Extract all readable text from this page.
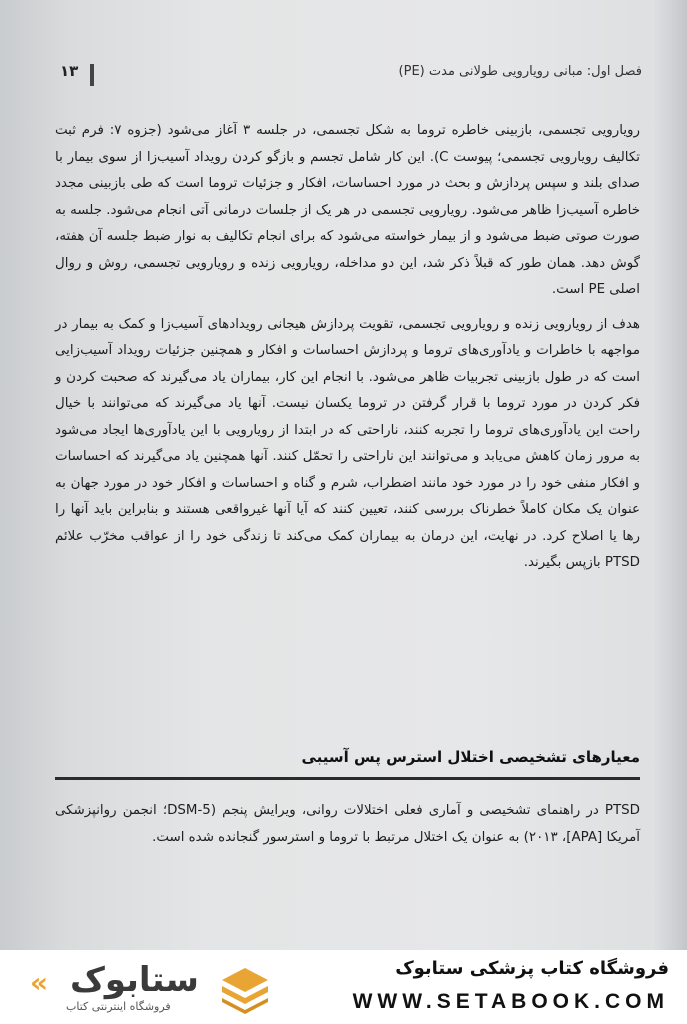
۱۳	فصل اول: مبانی رویارویی طولانی مدت (PE)

رویارویی تجسمی، بازبینی خاطره تروما به شکل تجسمی، در جلسه ۳ آغاز می‌شود (جزوه ۷: فرم ثبت تکالیف رویارویی تجسمی؛ پیوست C). این کار شامل تجسم و بازگو کردن رویداد آسیب‌زا از سوی بیمار با صدای بلند و سپس پردازش و بحث در مورد احساسات، افکار و جزئیات تروما است که طی بازبینی مجدد خاطره آسیب‌زا ظاهر می‌شود. رویارویی تجسمی در هر یک از جلسات درمانی آتی انجام می‌شود. جلسه به صورت صوتی ضبط می‌شود و از بیمار خواسته می‌شود که برای انجام تکالیف به نوار ضبط جلسه آن هفته، گوش دهد. همان طور که قبلاً ذکر شد، این دو مداخله، رویارویی زنده و رویارویی تجسمی، روش و روال اصلی PE است.

هدف از رویارویی زنده و رویارویی تجسمی، تقویت پردازش هیجانی رویدادهای آسیب‌زا و کمک به بیمار در مواجهه با خاطرات و یادآوری‌های تروما و پردازش احساسات و افکار و همچنین جزئیات رویداد آسیب‌زایی است که در طول بازبینی تجربیات ظاهر می‌شود. با انجام این کار، بیماران یاد می‌گیرند که صحبت کردن و فکر کردن در مورد تروما با قرار گرفتن در تروما یکسان نیست. آنها یاد می‌گیرند که می‌توانند با خیال راحت این یادآوری‌های تروما را تجربه کنند، ناراحتی که در ابتدا از رویارویی با این یادآوری‌ها ایجاد می‌شود به مرور زمان کاهش می‌یابد و می‌توانند این ناراحتی را تحمّل کنند. آنها همچنین یاد می‌گیرند که احساسات و افکار منفی خود را در مورد خود مانند اضطراب، شرم و گناه و احساسات و افکار خود در مورد جهان به عنوان یک مکان کاملاً خطرناک بررسی کنند، تعیین کنند که آیا آنها غیرواقعی هستند و بنابراین باید آنها را رها یا اصلاح کرد. در نهایت، این درمان به بیماران کمک می‌کند تا زندگی خود را از عواقب مخرّب علائم PTSD بازپس بگیرند.

معیارهای تشخیصی اختلال استرس پس آسیبی

PTSD در راهنمای تشخیصی و آماری فعلی اختلالات روانی، ویرایش پنجم (DSM-5؛ انجمن روانپزشکی آمریکا [APA]، ۲۰۱۳) به عنوان یک اختلال مرتبط با تروما و استرسور گنجانده شده است.

« ستابوک
فروشگاه اینترنتی کتاب
فروشگاه کتاب پزشکی ستابوک
WWW.SETABOOK.COM
